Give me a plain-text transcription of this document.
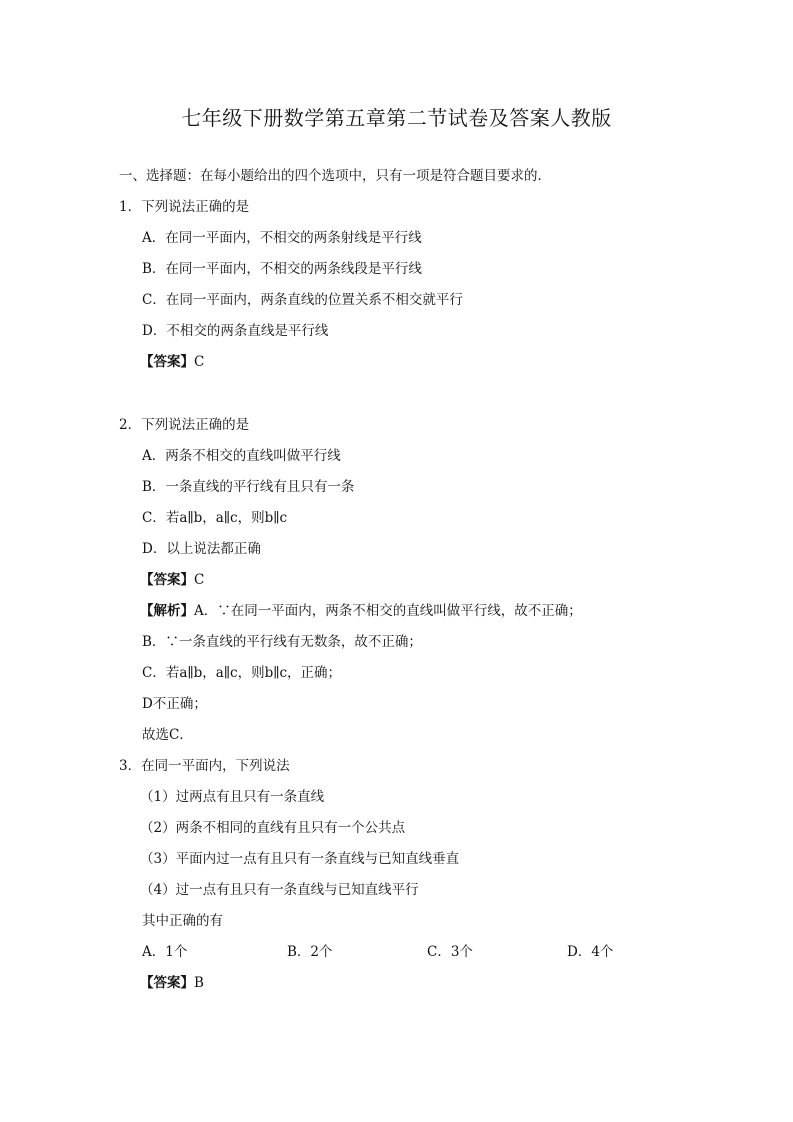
七年级下册数学第五章第二节试卷及答案人教版
一、选择题：在每小题给出的四个选项中，只有一项是符合题目要求的．
1．下列说法正确的是
A．在同一平面内，不相交的两条射线是平行线
B．在同一平面内，不相交的两条线段是平行线
C．在同一平面内，两条直线的位置关系不相交就平行
D．不相交的两条直线是平行线
【答案】C
2．下列说法正确的是
A．两条不相交的直线叫做平行线
B．一条直线的平行线有且只有一条
C．若a∥b，a∥c，则b∥c
D．以上说法都正确
【答案】C
【解析】A．∵在同一平面内，两条不相交的直线叫做平行线，故不正确；
B．∵一条直线的平行线有无数条，故不正确；
C．若a∥b，a∥c，则b∥c，正确；
D不正确；
故选C．
3．在同一平面内，下列说法
（1）过两点有且只有一条直线
（2）两条不相同的直线有且只有一个公共点
（3）平面内过一点有且只有一条直线与已知直线垂直
（4）过一点有且只有一条直线与已知直线平行
其中正确的有
A．1个	B．2个	C．3个	D．4个
【答案】B
